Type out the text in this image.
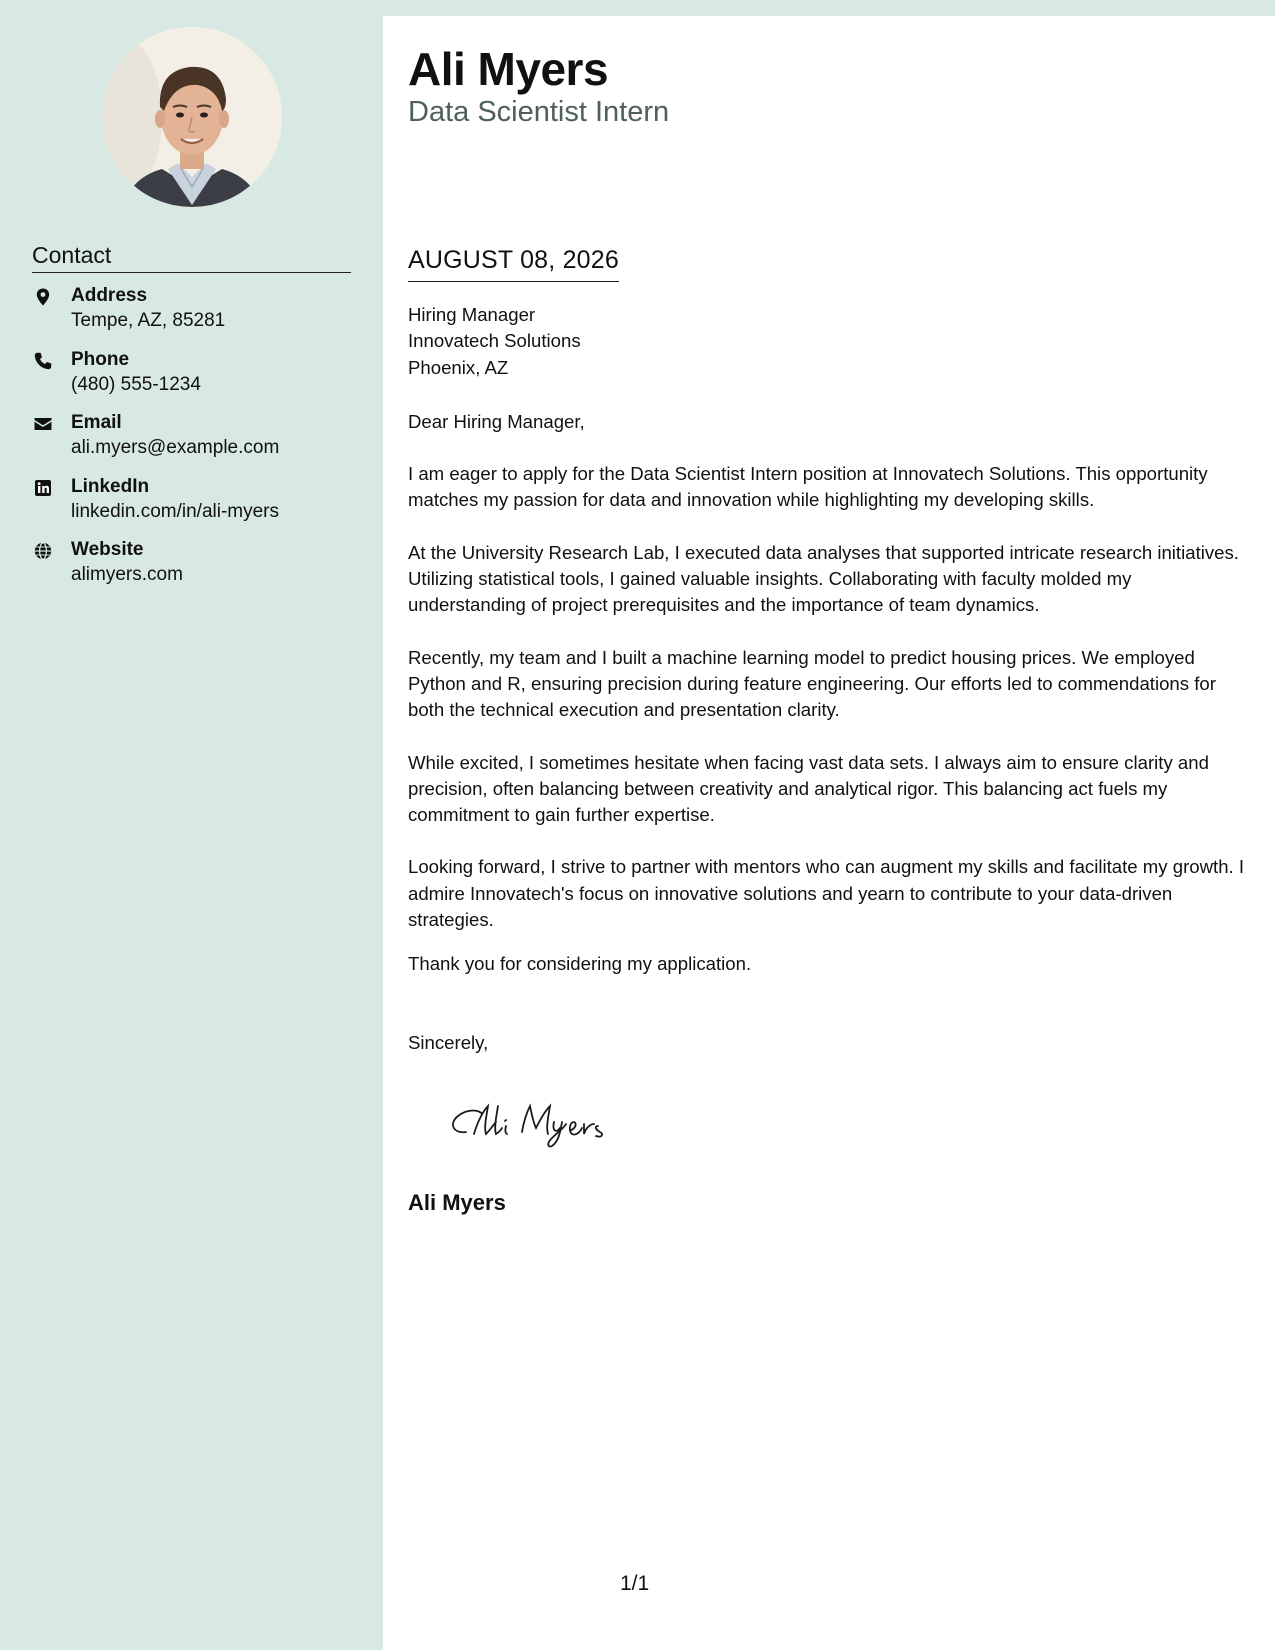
Contact
Address
Tempe, AZ, 85281
Phone
(480) 555-1234
Email
ali.myers@example.com
LinkedIn
linkedin.com/in/ali-myers
Website
alimyers.com
Ali Myers
Data Scientist Intern
AUGUST 08, 2026
Hiring Manager
Innovatech Solutions
Phoenix, AZ

Dear Hiring Manager,

I am eager to apply for the Data Scientist Intern position at Innovatech Solutions. This opportunity matches my passion for data and innovation while highlighting my developing skills.

At the University Research Lab, I executed data analyses that supported intricate research initiatives. Utilizing statistical tools, I gained valuable insights. Collaborating with faculty molded my understanding of project prerequisites and the importance of team dynamics.

Recently, my team and I built a machine learning model to predict housing prices. We employed Python and R, ensuring precision during feature engineering. Our efforts led to commendations for both the technical execution and presentation clarity.

While excited, I sometimes hesitate when facing vast data sets. I always aim to ensure clarity and precision, often balancing between creativity and analytical rigor. This balancing act fuels my commitment to gain further expertise.

Looking forward, I strive to partner with mentors who can augment my skills and facilitate my growth. I admire Innovatech's focus on innovative solutions and yearn to contribute to your data-driven strategies.

Thank you for considering my application.

Sincerely,

Ali Myers
1/1
